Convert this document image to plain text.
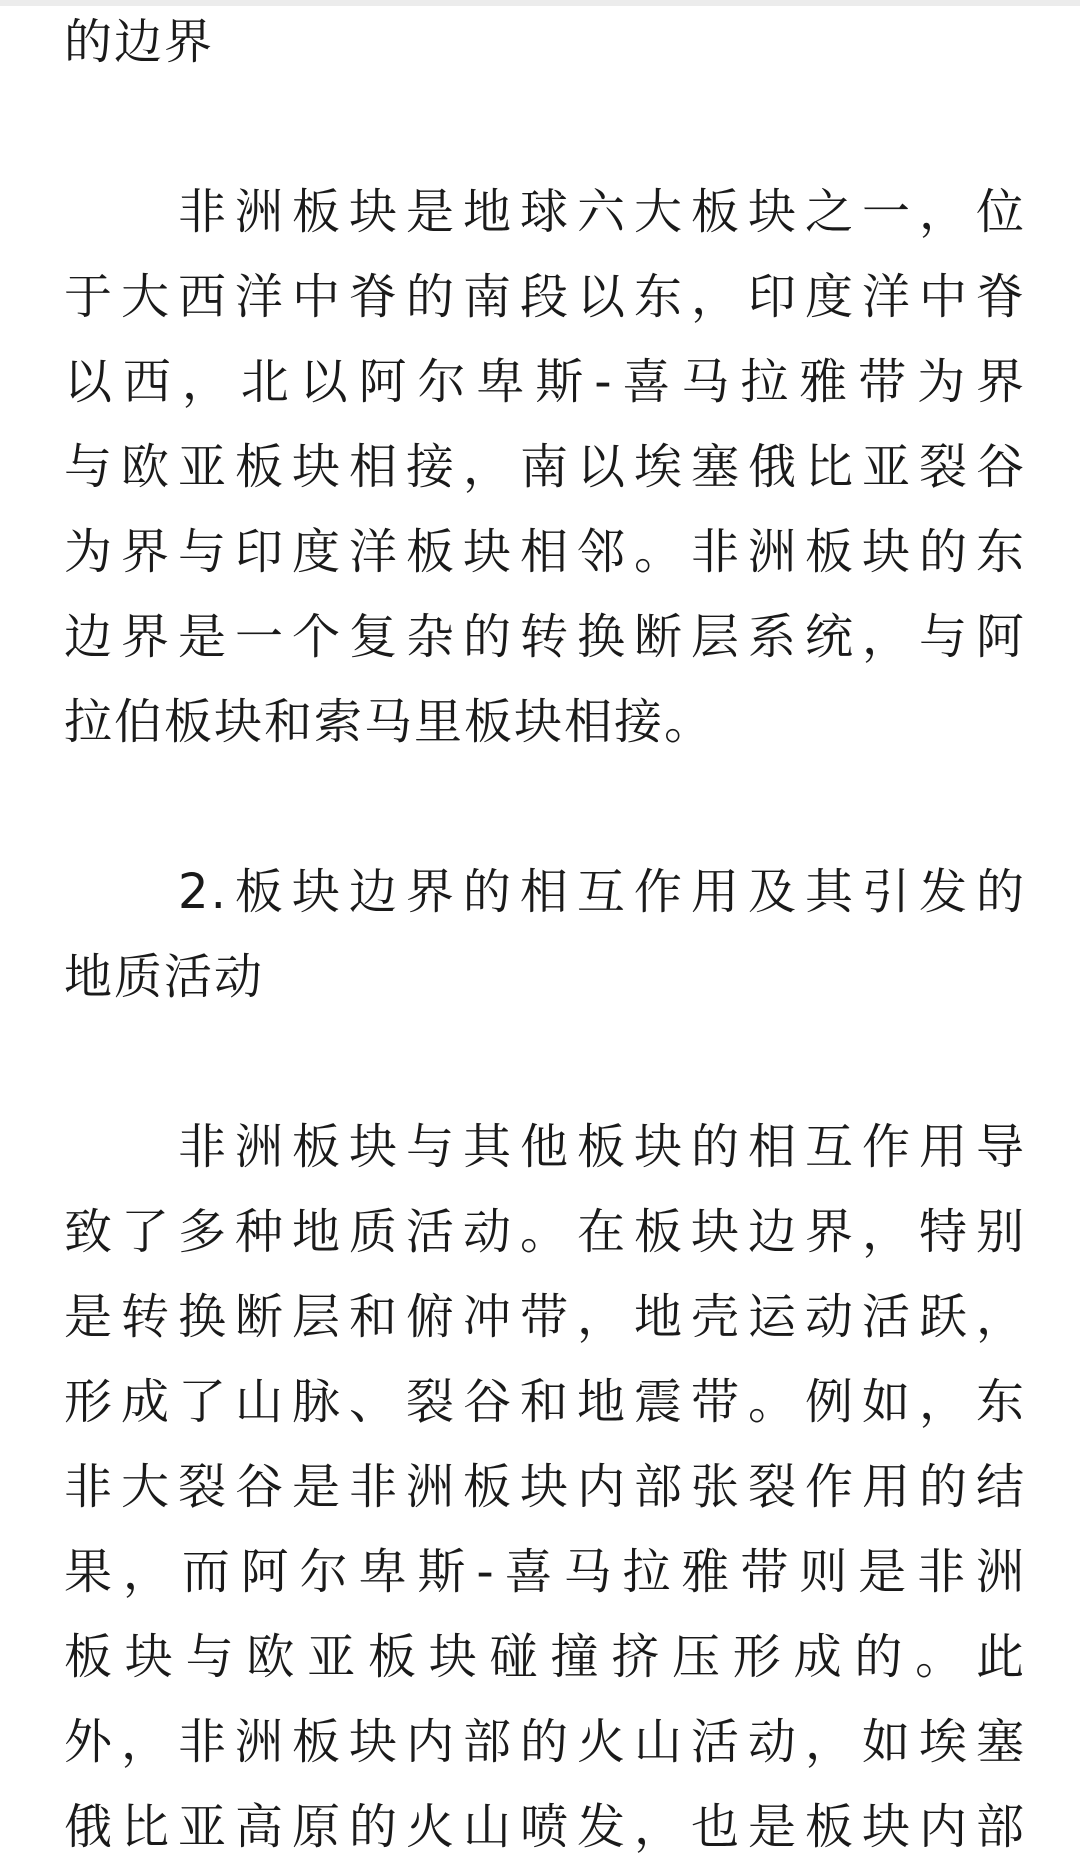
的边界
　　非洲板块是地球六大板块之一，位
于大西洋中脊的南段以东，印度洋中脊
以西，北以阿尔卑斯-喜马拉雅带为界
与欧亚板块相接，南以埃塞俄比亚裂谷
为界与印度洋板块相邻。非洲板块的东
边界是一个复杂的转换断层系统，与阿
拉伯板块和索马里板块相接。
　　2.板块边界的相互作用及其引发的
地质活动
　　非洲板块与其他板块的相互作用导
致了多种地质活动。在板块边界，特别
是转换断层和俯冲带，地壳运动活跃，
形成了山脉、裂谷和地震带。例如，东
非大裂谷是非洲板块内部张裂作用的结
果，而阿尔卑斯-喜马拉雅带则是非洲
板块与欧亚板块碰撞挤压形成的。此
外，非洲板块内部的火山活动，如埃塞
俄比亚高原的火山喷发，也是板块内部
